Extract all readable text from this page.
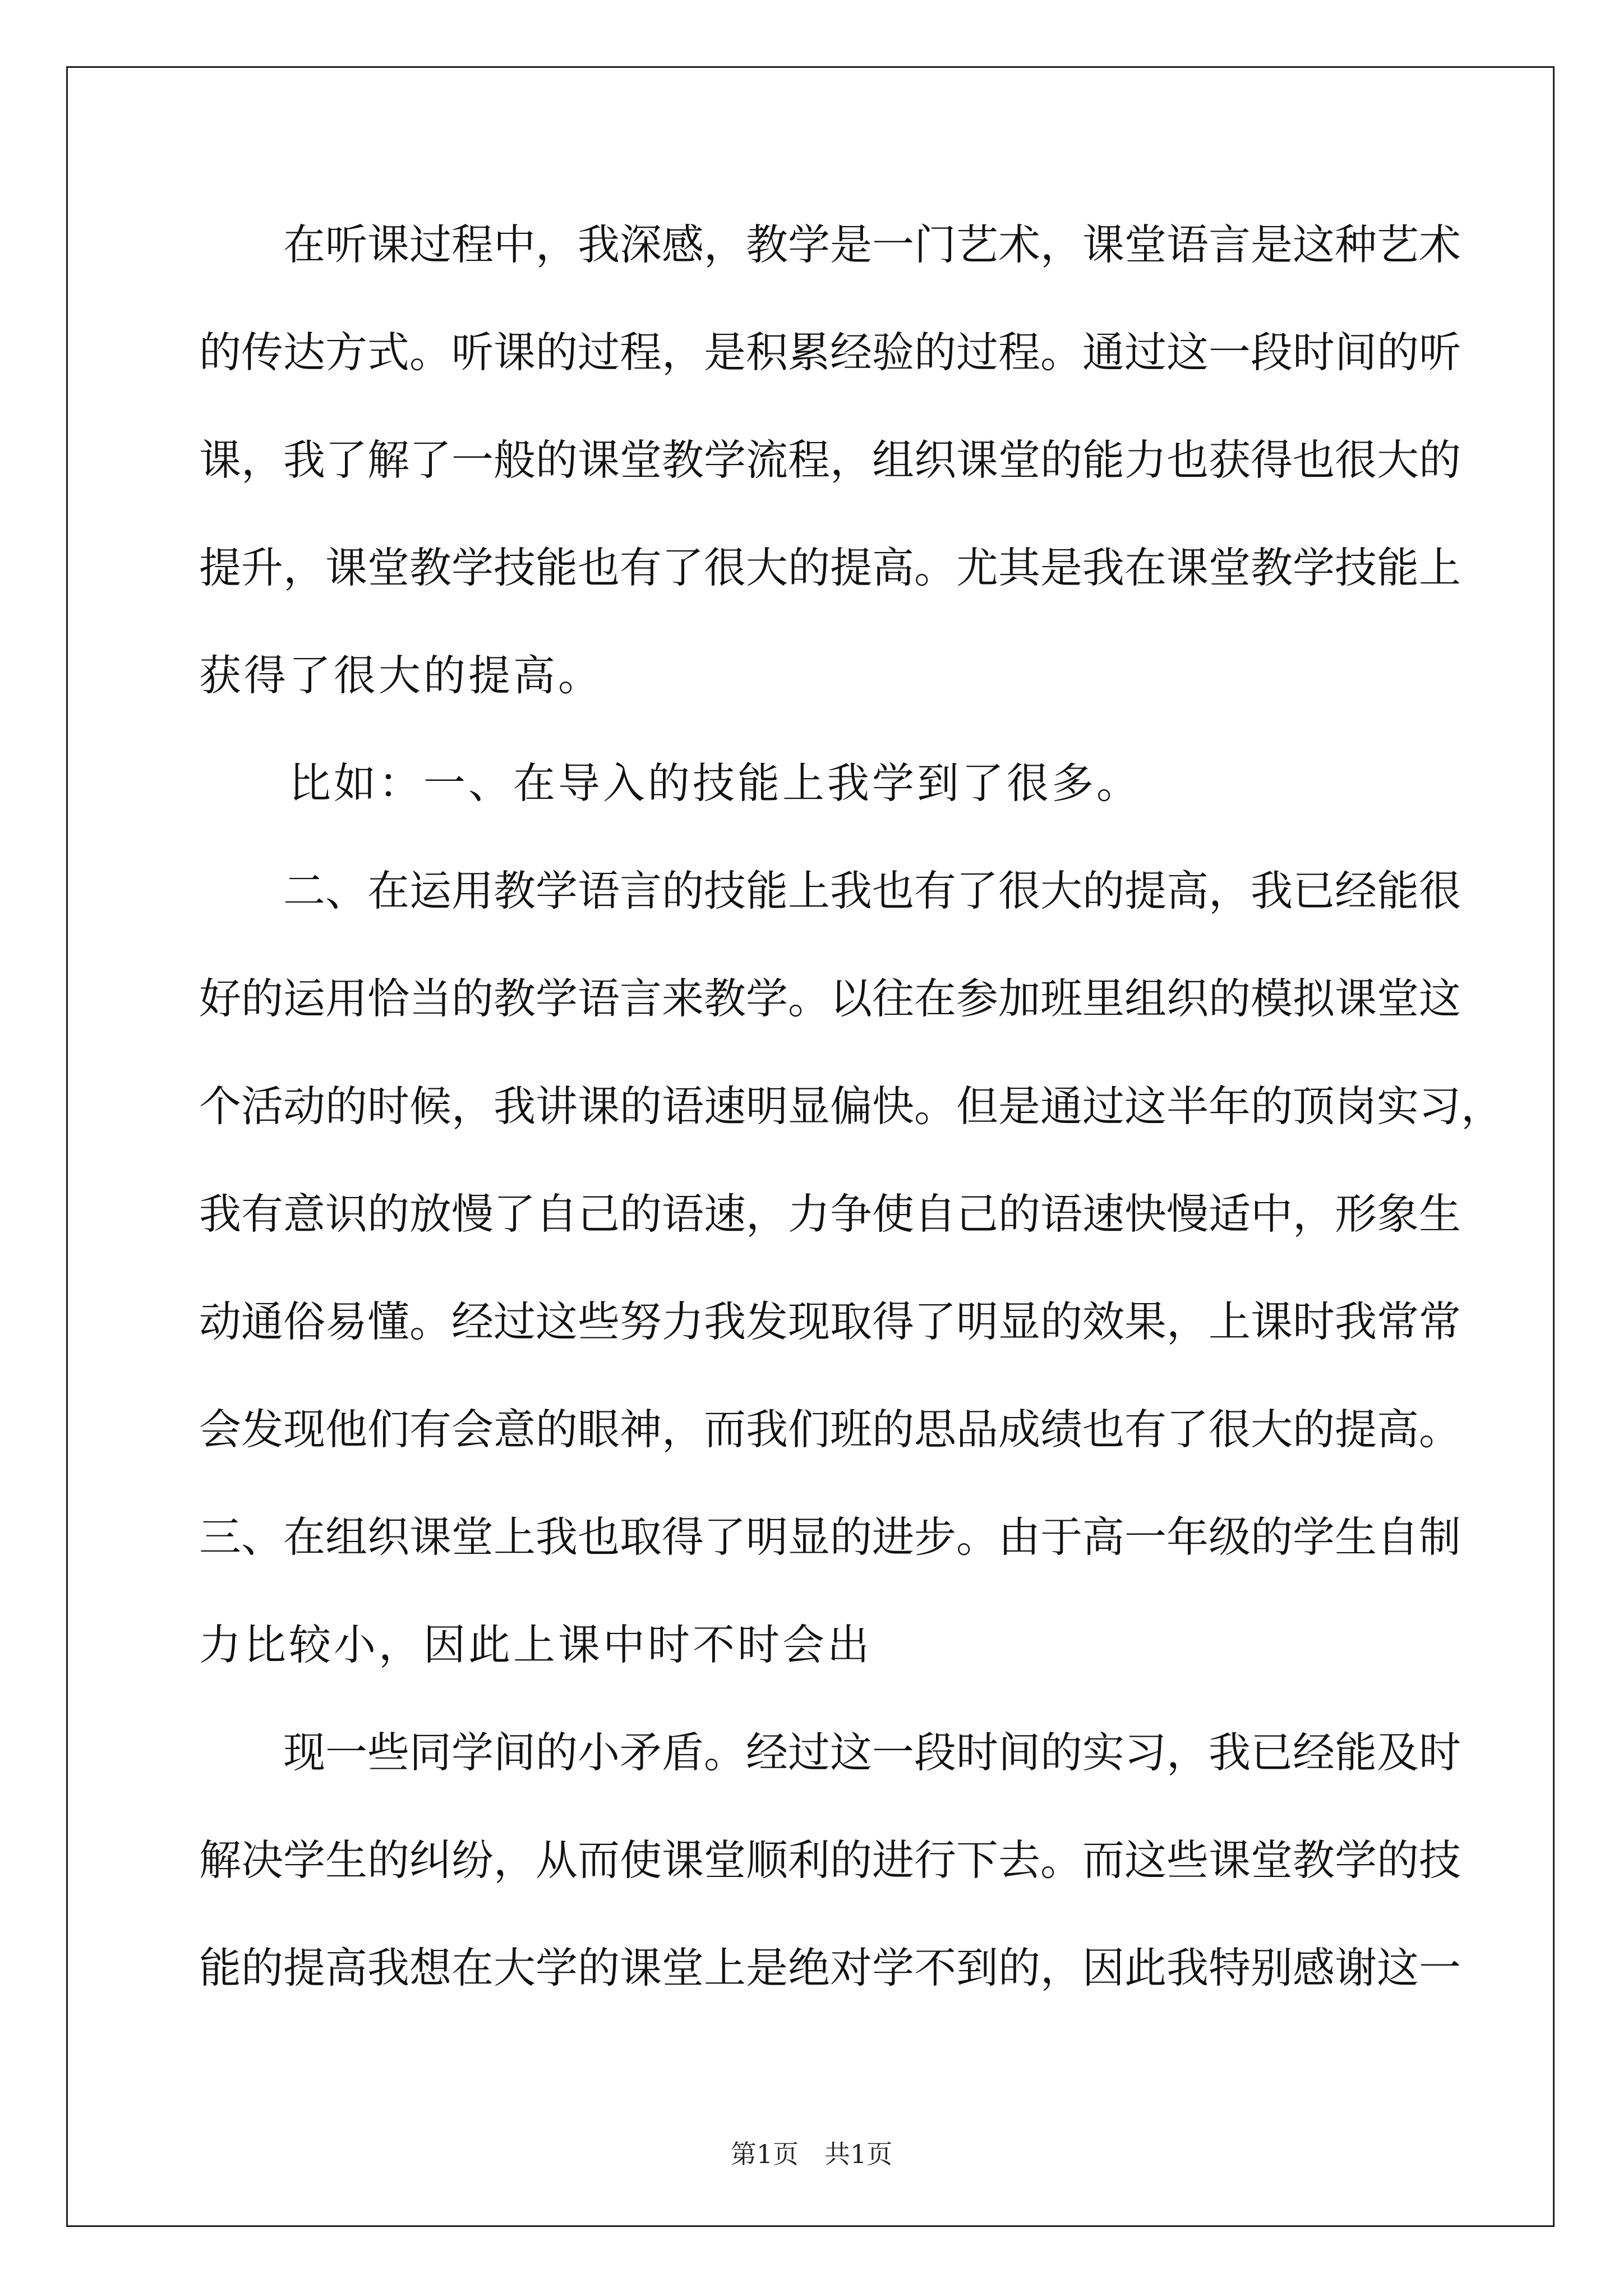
　　在听课过程中，我深感，教学是一门艺术，课堂语言是这种艺术
的传达方式。听课的过程，是积累经验的过程。通过这一段时间的听
课，我了解了一般的课堂教学流程，组织课堂的能力也获得也很大的
提升，课堂教学技能也有了很大的提高。尤其是我在课堂教学技能上
获得了很大的提高。
　　比如：一、在导入的技能上我学到了很多。
　　二、在运用教学语言的技能上我也有了很大的提高，我已经能很
好的运用恰当的教学语言来教学。以往在参加班里组织的模拟课堂这
个活动的时候，我讲课的语速明显偏快。但是通过这半年的顶岗实习，
我有意识的放慢了自己的语速，力争使自己的语速快慢适中，形象生
动通俗易懂。经过这些努力我发现取得了明显的效果，上课时我常常
会发现他们有会意的眼神，而我们班的思品成绩也有了很大的提高。
三、在组织课堂上我也取得了明显的进步。由于高一年级的学生自制
力比较小，因此上课中时不时会出
　　现一些同学间的小矛盾。经过这一段时间的实习，我已经能及时
解决学生的纠纷，从而使课堂顺利的进行下去。而这些课堂教学的技
能的提高我想在大学的课堂上是绝对学不到的，因此我特别感谢这一
第1页 共1页
